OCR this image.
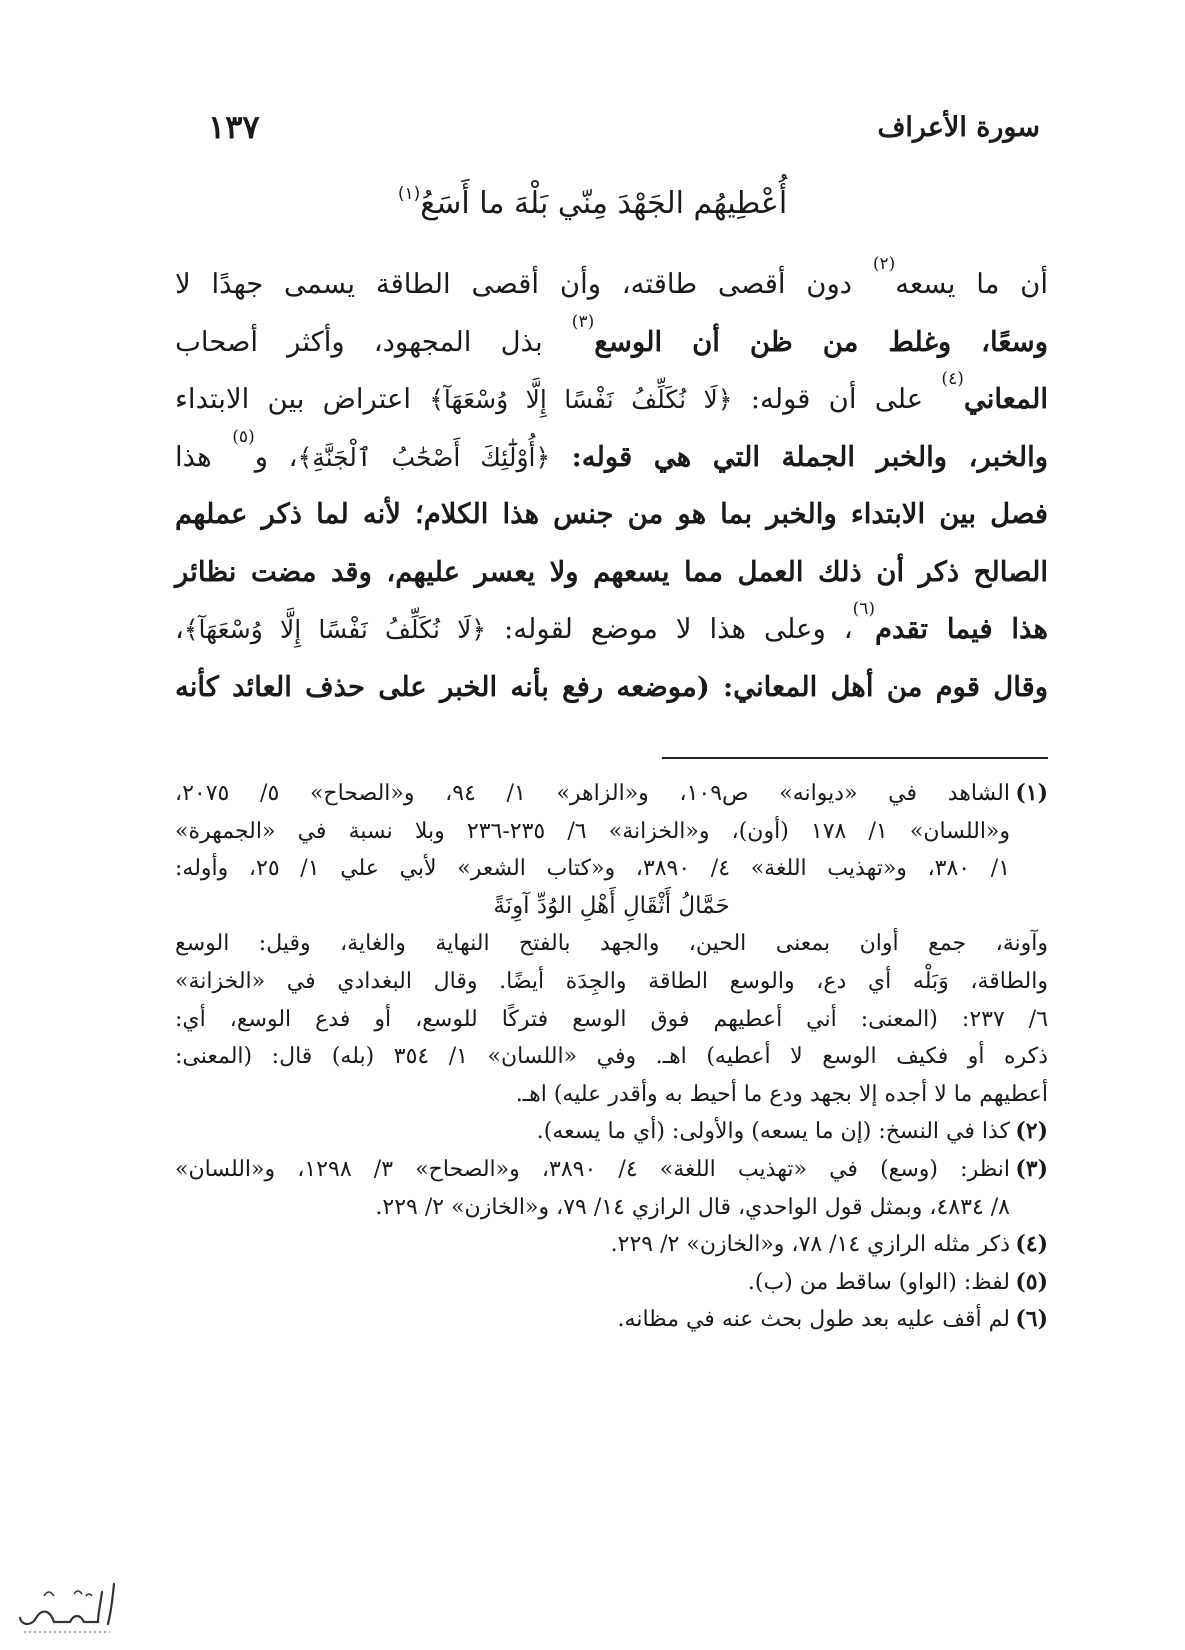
سورة الأعراف
١٣٧
أُعْطِيهُم الجَهْدَ مِنّي بَلْهَ ما أَسَعُ$^{(١)}$

أن ما يسعه$^{(٢)}$ دون أقصى طاقته، وأن أقصى الطاقة يسمى جهدًا لا

وسعًا، وغلط من ظن أن الوسع$^{(٣)}$ بذل المجهود، وأكثر أصحاب

المعاني$^{(٤)}$ على أن قوله: ﴿لَا نُكَلِّفُ نَفْسًا إِلَّا وُسْعَهَآ﴾ اعتراض بين الابتداء

والخبر، والخبر الجملة التي هي قوله: ﴿أُوْلَٰٓئِكَ أَصْحَٰبُ ٱلْجَنَّةِ﴾، و$^{(٥)}$ هذا

فصل بين الابتداء والخبر بما هو من جنس هذا الكلام؛ لأنه لما ذكر عملهم

الصالح ذكر أن ذلك العمل مما يسعهم ولا يعسر عليهم، وقد مضت نظائر

هذا فيما تقدم$^{(٦)}$، وعلى هذا لا موضع لقوله: ﴿لَا نُكَلِّفُ نَفْسًا إِلَّا وُسْعَهَآ﴾،

وقال قوم من أهل المعاني: (موضعه رفع بأنه الخبر على حذف العائد كأنه

(١)
الشاهد في «ديوانه» ص١٠٩، و«الزاهر» ١/ ٩٤، و«الصحاح» ٥/ ٢٠٧٥،
و«اللسان» ١/ ١٧٨ (أون)، و«الخزانة» ٦/ ٢٣٥-٢٣٦ وبلا نسبة في «الجمهرة»
١/ ٣٨٠، و«تهذيب اللغة» ٤/ ٣٨٩٠، و«كتاب الشعر» لأبي علي ١/ ٢٥، وأوله:
حَمَّالُ أَثْقَالِ أَهْلِ الوُدِّ آوِنَةً
وآونة، جمع أوان بمعنى الحين، والجهد بالفتح النهاية والغاية، وقيل: الوسع
والطاقة، وَبَلْه أي دع، والوسع الطاقة والجِدَة أيضًا. وقال البغدادي في «الخزانة»
٦/ ٢٣٧: (المعنى: أني أعطيهم فوق الوسع فتركًا للوسع، أو فدع الوسع، أي:
ذكره أو فكيف الوسع لا أعطيه) اهـ. وفي «اللسان» ١/ ٣٥٤ (بله) قال: (المعنى:
أعطيهم ما لا أجده إلا بجهد ودع ما أحيط به وأقدر عليه) اهـ.
(٢)
كذا في النسخ: (إن ما يسعه) والأولى: (أي ما يسعه).
(٣)
انظر: (وسع) في «تهذيب اللغة» ٤/ ٣٨٩٠، و«الصحاح» ٣/ ١٢٩٨، و«اللسان»
٨/ ٤٨٣٤، وبمثل قول الواحدي، قال الرازي ١٤/ ٧٩، و«الخازن» ٢/ ٢٢٩.
(٤)
ذكر مثله الرازي ١٤/ ٧٨، و«الخازن» ٢/ ٢٢٩.
(٥)
لفظ: (الواو) ساقط من (ب).
(٦)
لم أقف عليه بعد طول بحث عنه في مظانه.
